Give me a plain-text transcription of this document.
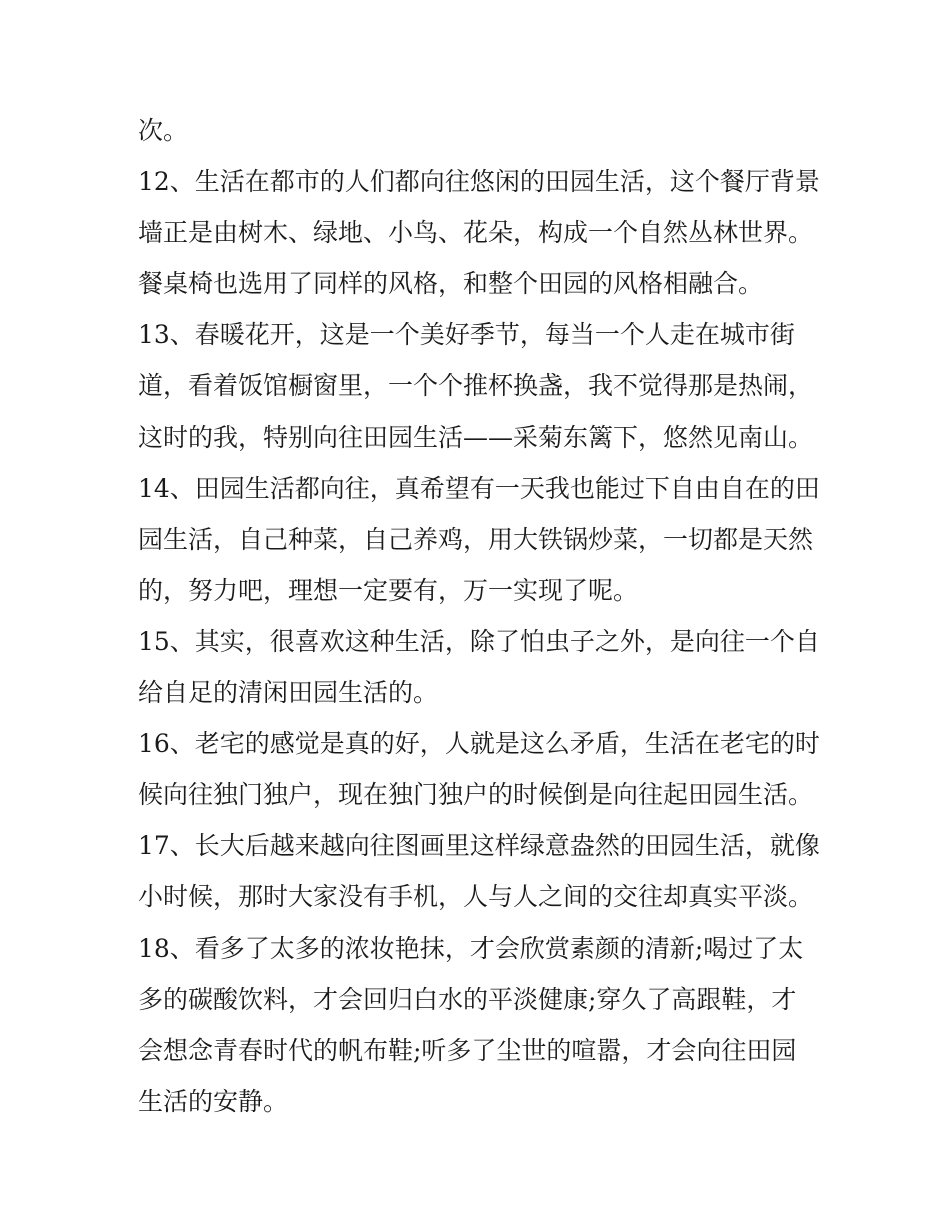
次。
12、生活在都市的人们都向往悠闲的田园生活，这个餐厅背景
墙正是由树木、绿地、小鸟、花朵，构成一个自然丛林世界。
餐桌椅也选用了同样的风格，和整个田园的风格相融合。
13、春暖花开，这是一个美好季节，每当一个人走在城市街
道，看着饭馆橱窗里，一个个推杯换盏，我不觉得那是热闹，
这时的我，特别向往田园生活——采菊东篱下，悠然见南山。
14、田园生活都向往，真希望有一天我也能过下自由自在的田
园生活，自己种菜，自己养鸡，用大铁锅炒菜，一切都是天然
的，努力吧，理想一定要有，万一实现了呢。
15、其实，很喜欢这种生活，除了怕虫子之外，是向往一个自
给自足的清闲田园生活的。
16、老宅的感觉是真的好，人就是这么矛盾，生活在老宅的时
候向往独门独户，现在独门独户的时候倒是向往起田园生活。
17、长大后越来越向往图画里这样绿意盎然的田园生活，就像
小时候，那时大家没有手机，人与人之间的交往却真实平淡。
18、看多了太多的浓妆艳抹，才会欣赏素颜的清新;喝过了太
多的碳酸饮料，才会回归白水的平淡健康;穿久了高跟鞋，才
会想念青春时代的帆布鞋;听多了尘世的喧嚣，才会向往田园
生活的安静。
